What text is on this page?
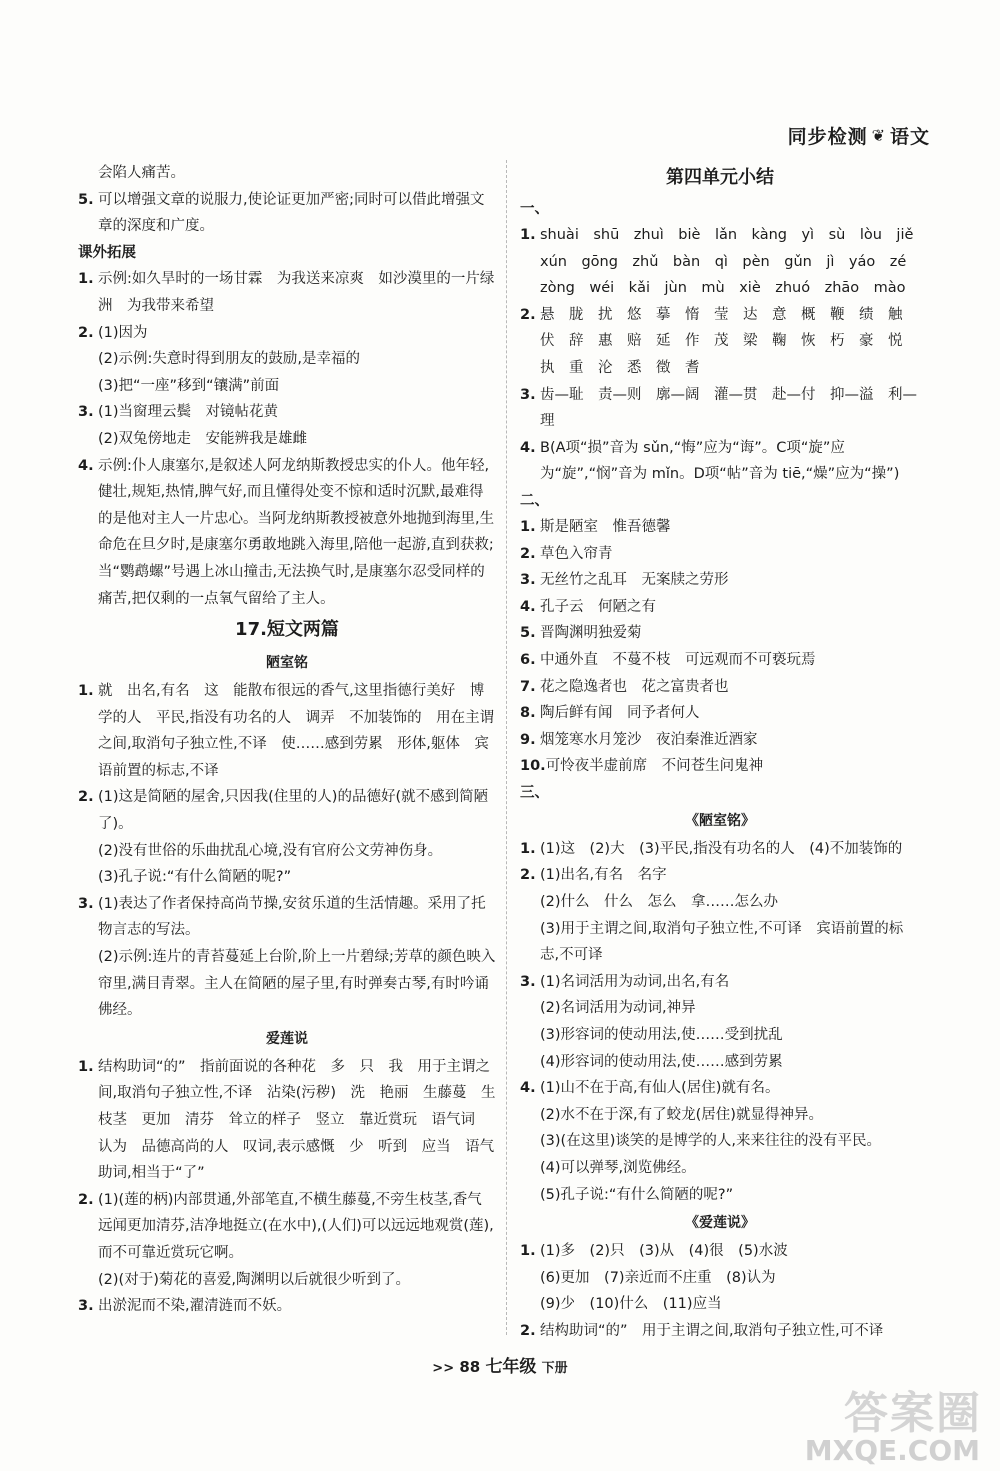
同步检测 ❦ 语文
会陷人痛苦。
5. 可以增强文章的说服力,使论证更加严密;同时可以借此增强文章的深度和广度。
课外拓展
1. 示例:如久旱时的一场甘霖　为我送来凉爽　如沙漠里的一片绿洲　为我带来希望
2. (1)因为
(2)示例:失意时得到朋友的鼓励,是幸福的
(3)把“一座”移到“镶满”前面
3. (1)当窗理云鬓　对镜帖花黄
(2)双兔傍地走　安能辨我是雄雌
4. 示例:仆人康塞尔,是叙述人阿龙纳斯教授忠实的仆人。他年轻,健壮,规矩,热情,脾气好,而且懂得处变不惊和适时沉默,最难得的是他对主人一片忠心。当阿龙纳斯教授被意外地抛到海里,生命危在旦夕时,是康塞尔勇敢地跳入海里,陪他一起游,直到获救;当“鹦鹉螺”号遇上冰山撞击,无法换气时,是康塞尔忍受同样的痛苦,把仅剩的一点氧气留给了主人。
17.短文两篇
陋室铭
1. 就　出名,有名　这　能散布很远的香气,这里指德行美好　博学的人　平民,指没有功名的人　调弄　不加装饰的　用在主谓之间,取消句子独立性,不译　使……感到劳累　形体,躯体　宾语前置的标志,不译
2. (1)这是简陋的屋舍,只因我(住里的人)的品德好(就不感到简陋了)。
(2)没有世俗的乐曲扰乱心境,没有官府公文劳神伤身。
(3)孔子说:“有什么简陋的呢?”
3. (1)表达了作者保持高尚节操,安贫乐道的生活情趣。采用了托物言志的写法。
(2)示例:连片的青苔蔓延上台阶,阶上一片碧绿;芳草的颜色映入帘里,满目青翠。主人在简陋的屋子里,有时弹奏古琴,有时吟诵佛经。
爱莲说
1. 结构助词“的”　指前面说的各种花　多　只　我　用于主谓之间,取消句子独立性,不译　沾染(污秽)　洗　艳丽　生藤蔓　生枝茎　更加　清芬　耸立的样子　竖立　靠近赏玩　语气词　认为　品德高尚的人　叹词,表示感慨　少　听到　应当　语气助词,相当于“了”
2. (1)(莲的柄)内部贯通,外部笔直,不横生藤蔓,不旁生枝茎,香气远闻更加清芬,洁净地挺立(在水中),(人们)可以远远地观赏(莲),而不可靠近赏玩它啊。
(2)(对于)菊花的喜爱,陶渊明以后就很少听到了。
3. 出淤泥而不染,濯清涟而不妖。
第四单元小结
一、
1. shuài　shū　zhuì　biè　lǎn　kàng　yì　sù　lòu　jiě　xún　gōng　zhǔ　bàn　qì　pèn　gǔn　jì　yáo　zé　zòng　wéi　kǎi　jùn　mù　xiè　zhuó　zhāo　mào
2. 悬　胧　扰　悠　摹　惰　莹　达　意　概　鞭　绩　触　伏　辞　惠　赔　延　作　茂　梁　鞠　恢　朽　豪　悦　执　重　沦　悉　徵　耆
3. 齿—耻　责—则　廓—阔　灌—贯　赴—付　抑—溢　利—理
4. B(A项“损”音为 sǔn,“悔”应为“诲”。C项“旋”应为“旋”,“悯”音为 mǐn。D项“帖”音为 tiē,“燥”应为“操”)
二、
1. 斯是陋室　惟吾德馨
2. 草色入帘青
3. 无丝竹之乱耳　无案牍之劳形
4. 孔子云　何陋之有
5. 晋陶渊明独爱菊
6. 中通外直　不蔓不枝　可远观而不可亵玩焉
7. 花之隐逸者也　花之富贵者也
8. 陶后鲜有闻　同予者何人
9. 烟笼寒水月笼沙　夜泊秦淮近酒家
10. 可怜夜半虚前席　不问苍生问鬼神
三、
《陋室铭》
1. (1)这　(2)大　(3)平民,指没有功名的人　(4)不加装饰的
2. (1)出名,有名　名字
(2)什么　什么　怎么　拿……怎么办
(3)用于主谓之间,取消句子独立性,不可译　宾语前置的标志,不可译
3. (1)名词活用为动词,出名,有名
(2)名词活用为动词,神异
(3)形容词的使动用法,使……受到扰乱
(4)形容词的使动用法,使……感到劳累
4. (1)山不在于高,有仙人(居住)就有名。
(2)水不在于深,有了蛟龙(居住)就显得神异。
(3)(在这里)谈笑的是博学的人,来来往往的没有平民。
(4)可以弹琴,浏览佛经。
(5)孔子说:“有什么简陋的呢?”
《爱莲说》
1. (1)多　(2)只　(3)从　(4)很　(5)水波
(6)更加　(7)亲近而不庄重　(8)认为
(9)少　(10)什么　(11)应当
2. 结构助词“的”　用于主谓之间,取消句子独立性,可不译
>> 88 七年级 下册
答案圈
MXQE.COM
